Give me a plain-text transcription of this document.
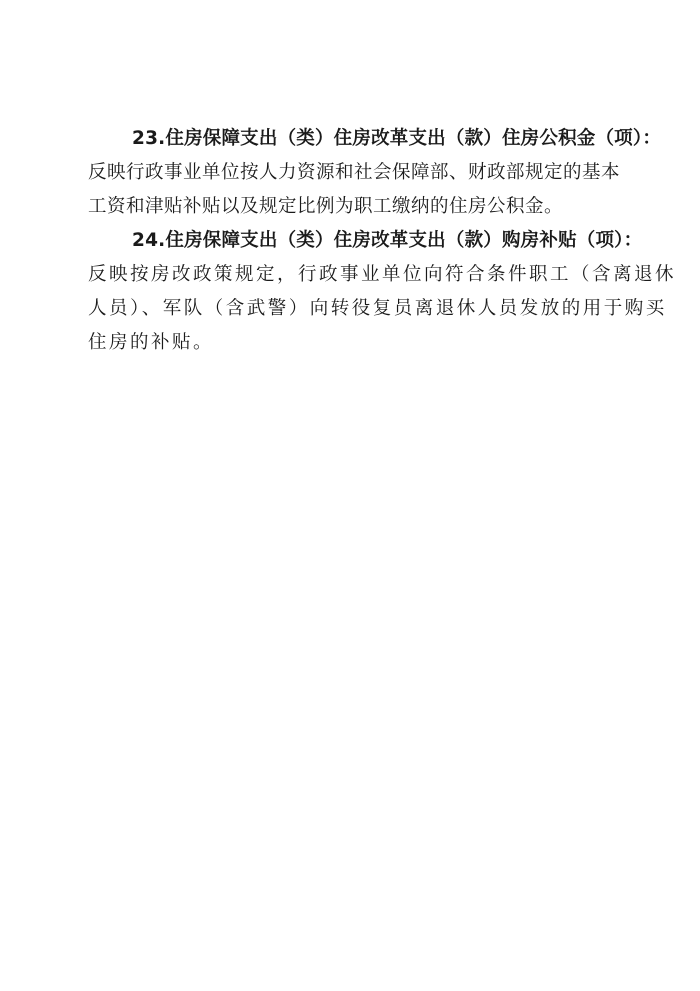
23.住房保障支出（类）住房改革支出（款）住房公积金（项）：
反映行政事业单位按人力资源和社会保障部、财政部规定的基本
工资和津贴补贴以及规定比例为职工缴纳的住房公积金。
24.住房保障支出（类）住房改革支出（款）购房补贴（项）：
反映按房改政策规定，行政事业单位向符合条件职工（含离退休
人员）、军队（含武警）向转役复员离退休人员发放的用于购买
住房的补贴。
